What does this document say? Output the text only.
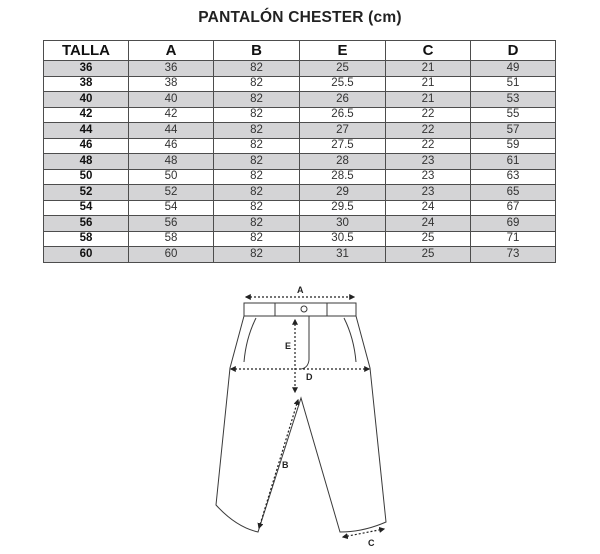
PANTALÓN CHESTER (cm)
TALLA	A	B	E	C	D
36	36	82	25	21	49
38	38	82	25.5	21	51
40	40	82	26	21	53
42	42	82	26.5	22	55
44	44	82	27	22	57
46	46	82	27.5	22	59
48	48	82	28	23	61
50	50	82	28.5	23	63
52	52	82	29	23	65
54	54	82	29.5	24	67
56	56	82	30	24	69
58	58	82	30.5	25	71
60	60	82	31	25	73
A
D
E
B
C
